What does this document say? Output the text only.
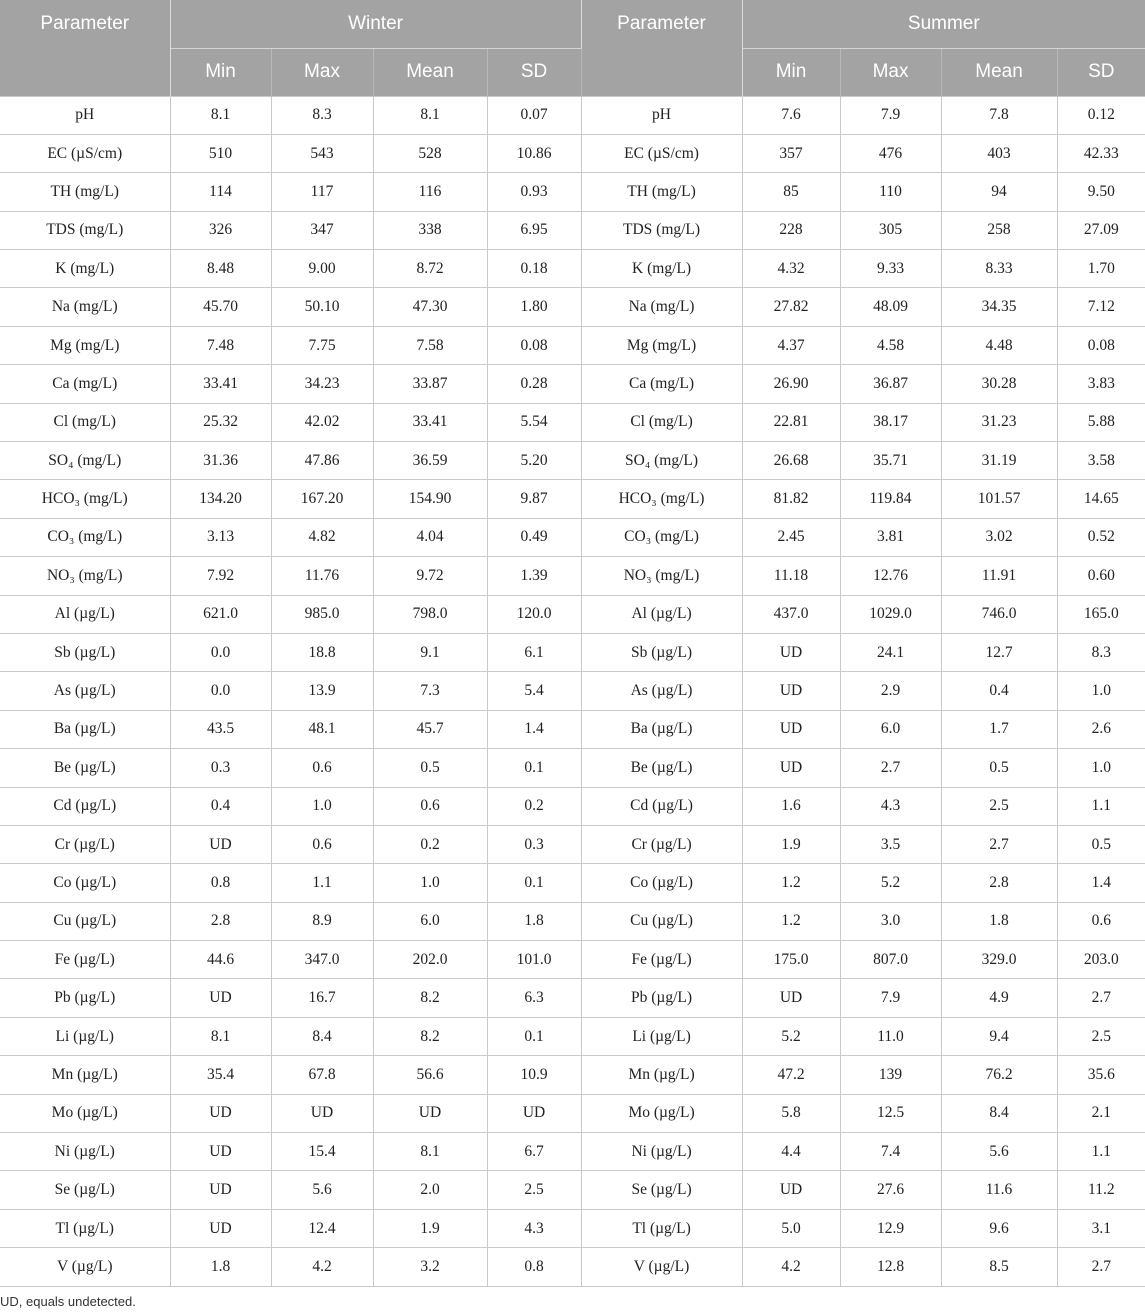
Parameter	Winter				Parameter	Summer			
	Min	Max	Mean	SD		Min	Max	Mean	SD
pH	8.1	8.3	8.1	0.07	pH	7.6	7.9	7.8	0.12
EC (µS/cm)	510	543	528	10.86	EC (µS/cm)	357	476	403	42.33
TH (mg/L)	114	117	116	0.93	TH (mg/L)	85	110	94	9.50
TDS (mg/L)	326	347	338	6.95	TDS (mg/L)	228	305	258	27.09
K (mg/L)	8.48	9.00	8.72	0.18	K (mg/L)	4.32	9.33	8.33	1.70
Na (mg/L)	45.70	50.10	47.30	1.80	Na (mg/L)	27.82	48.09	34.35	7.12
Mg (mg/L)	7.48	7.75	7.58	0.08	Mg (mg/L)	4.37	4.58	4.48	0.08
Ca (mg/L)	33.41	34.23	33.87	0.28	Ca (mg/L)	26.90	36.87	30.28	3.83
Cl (mg/L)	25.32	42.02	33.41	5.54	Cl (mg/L)	22.81	38.17	31.23	5.88
SO₄ (mg/L)	31.36	47.86	36.59	5.20	SO₄ (mg/L)	26.68	35.71	31.19	3.58
HCO₃ (mg/L)	134.20	167.20	154.90	9.87	HCO₃ (mg/L)	81.82	119.84	101.57	14.65
CO₃ (mg/L)	3.13	4.82	4.04	0.49	CO₃ (mg/L)	2.45	3.81	3.02	0.52
NO₃ (mg/L)	7.92	11.76	9.72	1.39	NO₃ (mg/L)	11.18	12.76	11.91	0.60
Al (µg/L)	621.0	985.0	798.0	120.0	Al (µg/L)	437.0	1029.0	746.0	165.0
Sb (µg/L)	0.0	18.8	9.1	6.1	Sb (µg/L)	UD	24.1	12.7	8.3
As (µg/L)	0.0	13.9	7.3	5.4	As (µg/L)	UD	2.9	0.4	1.0
Ba (µg/L)	43.5	48.1	45.7	1.4	Ba (µg/L)	UD	6.0	1.7	2.6
Be (µg/L)	0.3	0.6	0.5	0.1	Be (µg/L)	UD	2.7	0.5	1.0
Cd (µg/L)	0.4	1.0	0.6	0.2	Cd (µg/L)	1.6	4.3	2.5	1.1
Cr (µg/L)	UD	0.6	0.2	0.3	Cr (µg/L)	1.9	3.5	2.7	0.5
Co (µg/L)	0.8	1.1	1.0	0.1	Co (µg/L)	1.2	5.2	2.8	1.4
Cu (µg/L)	2.8	8.9	6.0	1.8	Cu (µg/L)	1.2	3.0	1.8	0.6
Fe (µg/L)	44.6	347.0	202.0	101.0	Fe (µg/L)	175.0	807.0	329.0	203.0
Pb (µg/L)	UD	16.7	8.2	6.3	Pb (µg/L)	UD	7.9	4.9	2.7
Li (µg/L)	8.1	8.4	8.2	0.1	Li (µg/L)	5.2	11.0	9.4	2.5
Mn (µg/L)	35.4	67.8	56.6	10.9	Mn (µg/L)	47.2	139	76.2	35.6
Mo (µg/L)	UD	UD	UD	UD	Mo (µg/L)	5.8	12.5	8.4	2.1
Ni (µg/L)	UD	15.4	8.1	6.7	Ni (µg/L)	4.4	7.4	5.6	1.1
Se (µg/L)	UD	5.6	2.0	2.5	Se (µg/L)	UD	27.6	11.6	11.2
Tl (µg/L)	UD	12.4	1.9	4.3	Tl (µg/L)	5.0	12.9	9.6	3.1
V (µg/L)	1.8	4.2	3.2	0.8	V (µg/L)	4.2	12.8	8.5	2.7
UD, equals undetected.
